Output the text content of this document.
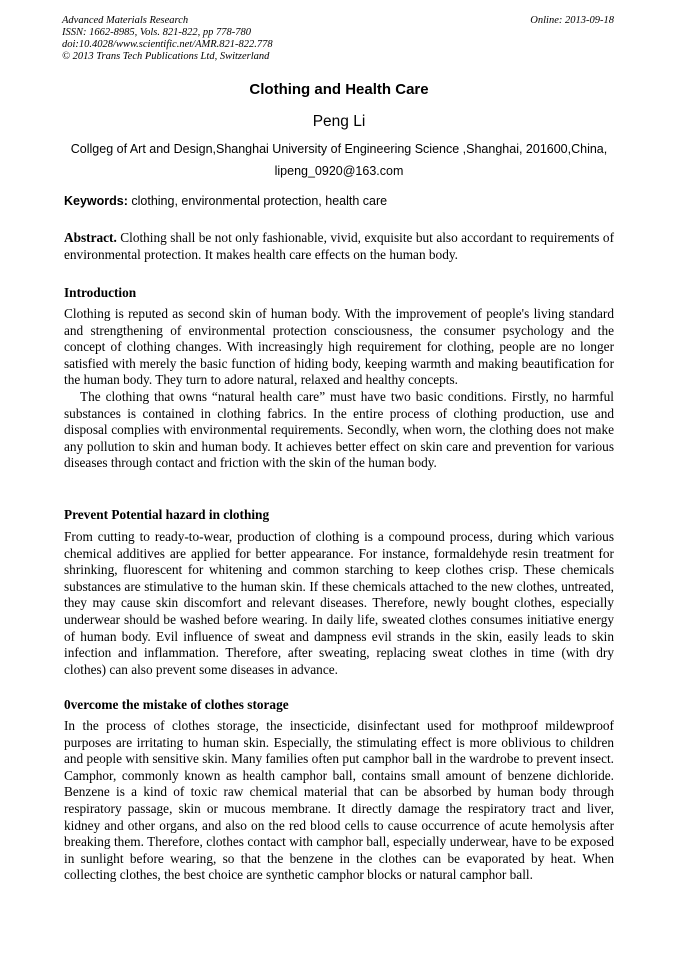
Advanced Materials Research
ISSN: 1662-8985, Vols. 821-822, pp 778-780
doi:10.4028/www.scientific.net/AMR.821-822.778
© 2013 Trans Tech Publications Ltd, Switzerland
Online: 2013-09-18
Clothing and Health Care
Peng Li
Collgeg of Art and Design,Shanghai University of Engineering Science ,Shanghai, 201600,China,
lipeng_0920@163.com
Keywords: clothing, environmental protection, health care

Abstract. Clothing shall be not only fashionable, vivid, exquisite but also accordant to requirements of environmental protection. It makes health care effects on the human body.

Introduction

Clothing is reputed as second skin of human body. With the improvement of people's living standard and strengthening of environmental protection consciousness, the consumer psychology and the concept of clothing changes. With increasingly high requirement for clothing, people are no longer satisfied with merely the basic function of hiding body, keeping warmth and making beautification for the human body. They turn to adore natural, relaxed and healthy concepts.

The clothing that owns “natural health care” must have two basic conditions. Firstly, no harmful substances is contained in clothing fabrics. In the entire process of clothing production, use and disposal complies with environmental requirements. Secondly, when worn, the clothing does not make any pollution to skin and human body. It achieves better effect on skin care and prevention for various diseases through contact and friction with the skin of the human body.

Prevent Potential hazard in clothing

From cutting to ready-to-wear, production of clothing is a compound process, during which various chemical additives are applied for better appearance. For instance, formaldehyde resin treatment for shrinking, fluorescent for whitening and common starching to keep clothes crisp. These chemicals substances are stimulative to the human skin. If these chemicals attached to the new clothes, untreated, they may cause skin discomfort and relevant diseases. Therefore, newly bought clothes, especially underwear should be washed before wearing. In daily life, sweated clothes consumes initiative energy of human body. Evil influence of sweat and dampness evil strands in the skin, easily leads to skin infection and inflammation. Therefore, after sweating, replacing sweat clothes in time (with dry clothes) can also prevent some diseases in advance.

0vercome the mistake of clothes storage

In the process of clothes storage, the insecticide, disinfectant used for mothproof mildewproof purposes are irritating to human skin. Especially, the stimulating effect is more oblivious to children and people with sensitive skin. Many families often put camphor ball in the wardrobe to prevent insect. Camphor, commonly known as health camphor ball, contains small amount of benzene dichloride. Benzene is a kind of toxic raw chemical material that can be absorbed by human body through respiratory passage, skin or mucous membrane. It directly damage the respiratory tract and liver, kidney and other organs, and also on the red blood cells to cause occurrence of acute hemolysis after breaking them. Therefore, clothes contact with camphor ball, especially underwear, have to be exposed in sunlight before wearing, so that the benzene in the clothes can be evaporated by heat. When collecting clothes, the best choice are synthetic camphor blocks or natural camphor ball.
